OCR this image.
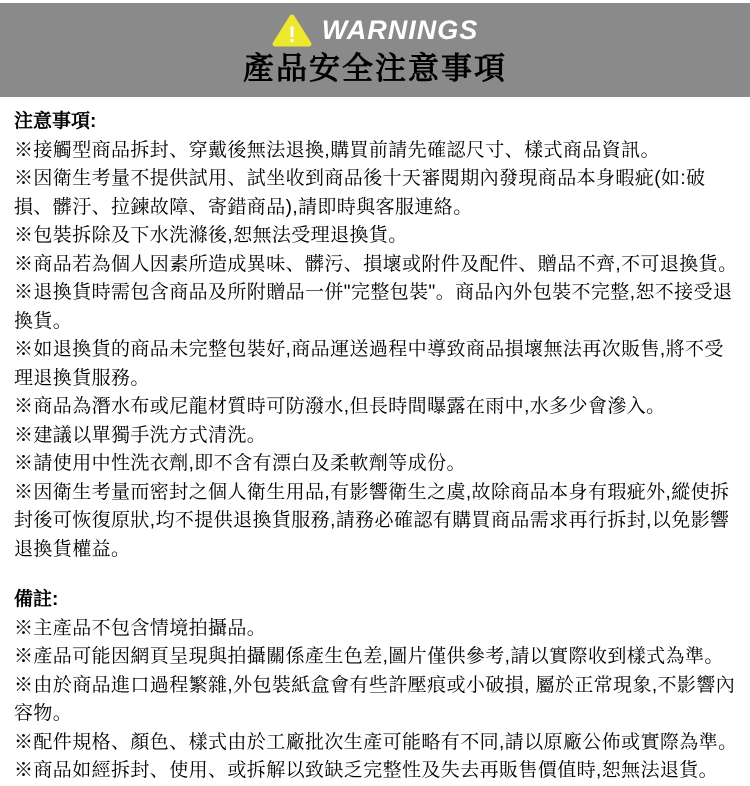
! WARNINGS
產品安全注意事項
注意事項:

※接觸型商品拆封、穿戴後無法退換,購買前請先確認尺寸、樣式商品資訊。

※因衛生考量不提供試用、試坐收到商品後十天審閱期內發現商品本身暇疵(如:破損、髒汙、拉鍊故障、寄錯商品),請即時與客服連絡。

※包裝拆除及下水洗滌後,恕無法受理退換貨。

※商品若為個人因素所造成異味、髒污、損壞或附件及配件、贈品不齊,不可退換貨。

※退換貨時需包含商品及所附贈品一併"完整包裝"。商品內外包裝不完整,恕不接受退換貨。

※如退換貨的商品未完整包裝好,商品運送過程中導致商品損壞無法再次販售,將不受理退換貨服務。

※商品為潛水布或尼龍材質時可防潑水,但長時間曝露在雨中,水多少會滲入。

※建議以單獨手洗方式清洗。

※請使用中性洗衣劑,即不含有漂白及柔軟劑等成份。

※因衛生考量而密封之個人衛生用品,有影響衛生之虞,故除商品本身有瑕疵外,縱使拆封後可恢復原狀,均不提供退換貨服務,請務必確認有購買商品需求再行拆封,以免影響退換貨權益。

備註:

※主產品不包含情境拍攝品。

※產品可能因網頁呈現與拍攝關係產生色差,圖片僅供參考,請以實際收到樣式為準。

※由於商品進口過程繁雜,外包裝紙盒會有些許壓痕或小破損, 屬於正常現象,不影響內容物。

※配件規格、顏色、樣式由於工廠批次生產可能略有不同,請以原廠公佈或實際為準。

※商品如經拆封、使用、或拆解以致缺乏完整性及失去再販售價值時,恕無法退貨。
